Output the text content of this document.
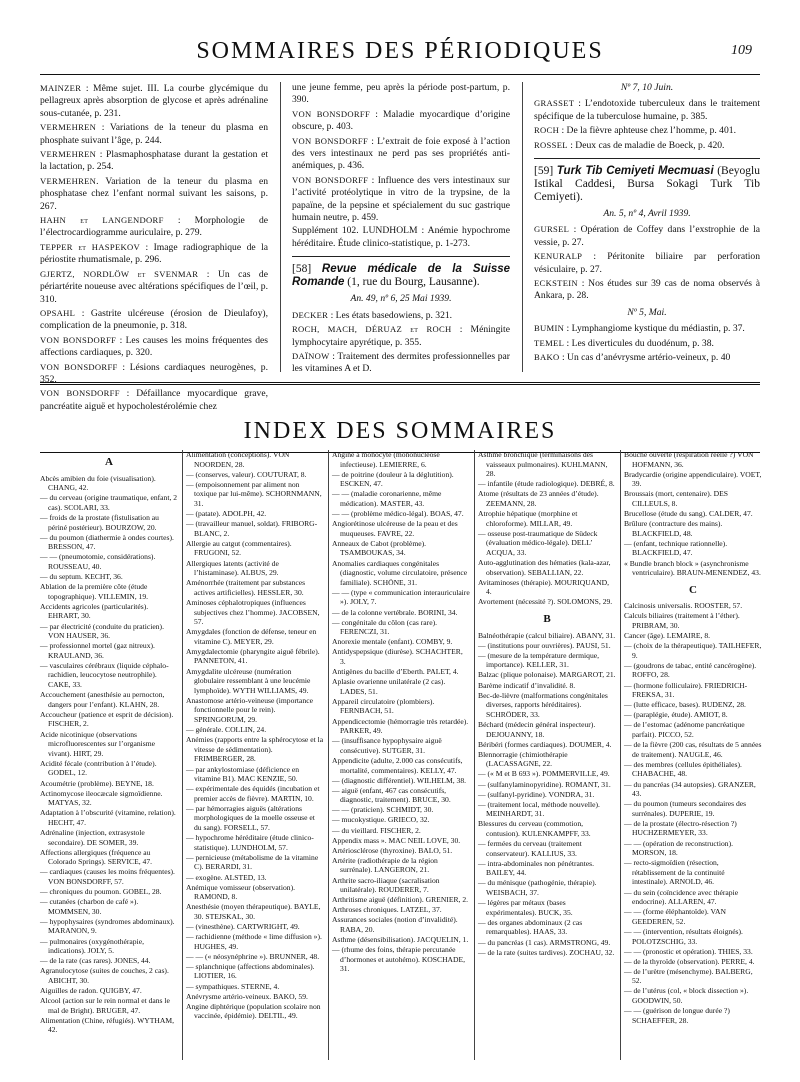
SOMMAIRES DES PÉRIODIQUES	109
MAINZER : Même sujet. III. La courbe glycémique du pellagreux après absorption de glycose et après adrénaline sous-cutanée, p. 231.
VERMEHREN : Variations de la teneur du plasma en phosphate suivant l’âge, p. 244.
VERMEHREN : Plasmaphosphatase durant la gestation et la lactation, p. 254.
VERMEHREN. Variation de la teneur du plasma en phosphatase chez l’enfant normal suivant les saisons, p. 267.
HAHN et LANGENDORF : Morphologie de l’électrocardiogramme auriculaire, p. 279.
TEPPER et HASPEKOV : Image radiographique de la périostite rhumatismale, p. 296.
GJERTZ, NORDLÖW et SVENMAR : Un cas de périartérite noueuse avec altérations spécifiques de l’œil, p. 310.
OPSAHL : Gastrite ulcéreuse (érosion de Dieulafoy), complication de la pneumonie, p. 318.
VON BONSDORFF : Les causes les moins fréquentes des affections cardiaques, p. 320.
VON BONSDORFF : Lésions cardiaques neurogènes, p. 352.
VON BONSDORFF : Défaillance myocardique grave, pancréatite aiguë et hypocholestérolémie chez
une jeune femme, peu après la période post-partum, p. 390.
VON BONSDORFF : Maladie myocardique d’origine obscure, p. 403.
VON BONSDORFF : L’extrait de foie exposé à l’action des vers intestinaux ne perd pas ses propriétés anti-anémiques, p. 436.
VON BONSDORFF : Influence des vers intestinaux sur l’activité protéolytique in vitro de la trypsine, de la papaïne, de la pepsine et spécialement du suc gastrique humain neutre, p. 459.
Supplément 102. LUNDHOLM : Anémie hypochrome héréditaire. Étude clinico-statistique, p. 1-273.
[58] Revue médicale de la Suisse Romande (1, rue du Bourg, Lausanne).
An. 49, nº 6, 25 Mai 1939.
DECKER : Les états basedowiens, p. 321.
ROCH, MACH, DÉRUAZ et ROCH : Méningite lymphocytaire apyrétique, p. 355.
DAÏNOW : Traitement des dermites professionnelles par les vitamines A et D.
Nº 7, 10 Juin.
GRASSET : L’endotoxide tuberculeux dans le traitement spécifique de la tuberculose humaine, p. 385.
ROCH : De la fièvre aphteuse chez l’homme, p. 401.
ROSSEL : Deux cas de maladie de Boeck, p. 420.
[59] Turk Tib Cemiyeti Mecmuasi (Beyoglu Istikal Caddesi, Bursa Sokagi Turk Tib Cemiyeti).
An. 5, nº 4, Avril 1939.
GURSEL : Opération de Coffey dans l’exstrophie de la vessie, p. 27.
KENURALP : Péritonite biliaire par perforation vésiculaire, p. 27.
ECKSTEIN : Nos études sur 39 cas de noma observés à Ankara, p. 28.
Nº 5, Mai.
BUMIN : Lymphangiome kystique du médiastin, p. 37.
TEMEL : Les diverticules du duodénum, p. 38.
BAKO : Un cas d’anévrysme artério-veineux, p. 40
INDEX DES SOMMAIRES
A
Abcès amibien du foie (visualisation). CHANG, 42.
— du cerveau (origine traumatique, enfant, 2 cas). SCOLARI, 33.
— froids de la prostate (fistulisation au périné postérieur). BOURZOW, 20.
— du poumon (diathermie à ondes courtes). BRESSON, 47.
— — (pneumotomie, considérations). ROUSSEAU, 40.
— du septum. KECHT, 36.
Ablation de la première côte (étude topographique). VILLEMIN, 19.
Accidents agricoles (particularités). EHRART, 30.
— par électricité (conduite du praticien). VON HAUSER, 36.
— professionnel mortel (gaz nitreux). KRAULAND, 36.
— vasculaires cérébraux (liquide céphalo-rachidien, leucocytose neutrophile). CAKE, 33.
Accouchement (anesthésie au pernocton, dangers pour l’enfant). KLAHN, 28.
Accoucheur (patience et esprit de décision). FISCHER, 2.
Acide nicotinique (observations microfluorescentes sur l’organisme vivant). HIRT, 29.
Acidité fécale (contribution à l’étude). GODEL, 12.
Acoumétrie (problème). BEYNE, 18.
Actinomycose ileocæcale sigmoïdienne. MATYAS, 32.
Adaptation à l’obscurité (vitamine, relation). HECHT, 47.
Adrénaline (injection, extrasystole secondaire). DE SOMER, 39.
Affections allergiques (fréquence au Colorado Springs). SERVICE, 47.
— cardiaques (causes les moins fréquentes). VON BONSDORFF, 57.
— chroniques du poumon. GOBEL, 28.
— cutanées (charbon de café »). MOMMSEN, 30.
— hypophysaires (syndromes abdominaux). MARANON, 9.
— pulmonaires (oxygénothérapie, indications). JOLY, 5.
— de la rate (cas rares). JONES, 44.
Agranulocytose (suites de couches, 2 cas). ABICHT, 30.
Aiguilles de radon. QUIGBY, 47.
Alcool (action sur le rein normal et dans le mal de Bright). BRUGER, 47.
Alimentation (Chine, réfugiés). WYTHAM, 42.
Alimentation (conceptions). VON NOORDEN, 28.
— (conserves, valeur). COUTURAT, 8.
— (empoisonnement par aliment non toxique par lui-même). SCHORNMANN, 31.
— (patate). ADOLPH, 42.
— (travailleur manuel, soldat). FRIBORG-BLANC, 2.
Allergie au catgut (commentaires). FRUGONI, 52.
Allergiques latents (activité de l’histaminase). ALBUS, 29.
Aménorrhée (traitement par substances actives artificielles). HESSLER, 30.
Aminoses céphalotropiques (influences subjectives chez l’homme). JACOBSEN, 57.
Amygdales (fonction de défense, teneur en vitamine C). MEYER, 29.
Amygdalectomie (pharyngite aiguë fébrile). PANNETON, 41.
Amygdalite ulcéreuse (numération globulaire ressemblant à une leucémie lymphoïde). WYTH WILLIAMS, 49.
Anastomose artério-veineuse (importance fonctionnelle pour le rein). SPRINGORUM, 29.
— générale. COLLIN, 24.
Anémies (rapports entre la sphérocytose et la vitesse de sédimentation). FRIMBERGER, 28.
— par ankylostomiase (déficience en vitamine B1). MAC KENZIE, 50.
— expérimentale des équidés (incubation et premier accès de fièvre). MARTIN, 10.
— par hémorragies aiguës (altérations morphologiques de la moelle osseuse et du sang). FORSELL, 57.
— hypochrome héréditaire (étude clinico-statistique). LUNDHOLM, 57.
— pernicieuse (métabolisme de la vitamine C). BERARDI, 31.
— exogène. ALSTED, 13.
Anémique vomisseur (observation). RAMOND, 8.
Anesthésie (moyen thérapeutique). BAYLE, 30. STEJSKAL, 30.
— (vinesthène). CARTWRIGHT, 49.
— rachidienne (méthode « lime diffusion »). HUGHES, 49.
— — (« néosynéphrine »). BRUNNER, 48.
— splanchnique (affections abdominales). LIOTIER, 16.
— sympathiques. STERNE, 4.
Anévrysme artério-veineux. BAKO, 59.
Angine diphtérique (population scolaire non vaccinée, épidémie). DELTIL, 49.
Angine à monocyte (mononucléose infectieuse). LEMIERRE, 6.
— de poitrine (douleur à la déglutition). ESCKEN, 47.
— — (maladie coronarienne, même médication). MASTER, 43.
— — (problème médico-légal). BOAS, 47.
Angiorétinose ulcéreuse de la peau et des muqueuses. FAVRE, 22.
Anneaux de Cabot (problème). TSAMBOUKAS, 34.
Anomalies cardiaques congénitales (diagnostic, volume circulatoire, présence familiale). SCHÖNE, 31.
— — (type « communication interauriculaire »). JOLY, 7.
— de la colonne vertébrale. BORINI, 34.
— congénitale du côlon (cas rare). FERENCZI, 31.
Anorexie mentale (enfant). COMBY, 9.
Antidyspepsique (diurèse). SCHACHTER, 3.
Antigènes du bacille d’Eberth. PALET, 4.
Aplasie ovarienne unilatérale (2 cas). LADES, 51.
Appareil circulatoire (plombiers). FERNBACH, 51.
Appendicectomie (hémorragie très retardée). PARKER, 49.
— (insuffisance hypophysaire aiguë consécutive). SUTGER, 31.
Appendicite (adulte, 2.000 cas consécutifs, mortalité, commentaires). KELLY, 47.
— (diagnostic différentiel). WILHELM, 38.
— aiguë (enfant, 467 cas consécutifs, diagnostic, traitement). BRUCE, 30.
— — (praticien). SCHMIDT, 30.
— mucokystique. GRIECO, 32.
— du vieillard. FISCHER, 2.
Appendix mass ». MAC NEIL LOVE, 30.
Artériosclérose (thyroxine). BALO, 51.
Artérite (radiothérapie de la région surrénale). LANGERON, 21.
Arthrite sacro-iliaque (sacralisation unilatérale). ROUDERER, 7.
Arthritisme aiguë (définition). GRENIER, 2.
Arthroses chroniques. LATZEL, 37.
Assurances sociales (notion d’invalidité). RABA, 20.
Asthme (désensibilisation). JACQUELIN, 1.
— (rhume des foins, thérapie percutanée d’hormones et autohémo). KOSCHADE, 31.
Asthme bronchique (terminaisons des vaisseaux pulmonaires). KUHLMANN, 28.
— infantile (étude radiologique). DEBRÉ, 8.
Atome (résultats de 23 années d’étude). ZEEMANN, 28.
Atrophie hépatique (morphine et chloroforme). MILLAR, 49.
— osseuse post-traumatique de Südeck (évaluation médico-légale). DELL’ ACQUA, 33.
Auto-agglutination des hématies (kala-azar, observation). SEBALLIAN, 22.
Avitaminoses (thérapie). MOURIQUAND, 4.
Avortement (nécessité ?). SOLOMONS, 29.
B
Balnéothérapie (calcul biliaire). ABANY, 31.
— (institutions pour ouvrières). PAUSI, 51.
— (mesure de la température dermique, importance). KELLER, 31.
Balzac (plique polonaise). MARGAROT, 21.
Barème indicatif d’invalidité. 8.
Bec-de-lièvre (malformations congénitales diverses, rapports héréditaires). SCHRÖDER, 33.
Béchard (médecin général inspecteur). DEJOUANNY, 18.
Béribéri (formes cardiaques). DOUMER, 4.
Blennorragie (chimiothérapie (LACASSAGNE, 22.
— (« M et B 693 »). POMMERVILLE, 49.
— (sulfanylaminopyridine). ROMANT, 31.
— (sulfanyl-pyridine). VONDRA, 31.
— (traitement local, méthode nouvelle). MEINHARDT, 31.
Blessures du cerveau (commotion, contusion). KULENKAMPFF, 33.
— fermées du cerveau (traitement conservateur). KALLIUS, 33.
— intra-abdominales non pénétrantes. BAILEY, 44.
— du ménisque (pathogénie, thérapie). WEISBACH, 37.
— légères par métaux (bases expérimentales). BUCK, 35.
— des organes abdominaux (2 cas remarquables). HAAS, 33.
— du pancréas (1 cas). ARMSTRONG, 49.
— de la rate (suites tardives). ZOCHAU, 32.
Bouche ouverte (respiration réelle ?) VON HOFMANN, 36.
Bradycardie (origine appendiculaire). VOET, 39.
Broussais (mort, centenaire). DES CILLEULS, 8.
Brucellose (étude du sang). CALDER, 47.
Brûlure (contracture des mains). BLACKFIELD, 48.
— (enfant, technique rationnelle). BLACKFIELD, 47.
« Bundle branch block » (asynchronisme ventriculaire). BRAUN-MENENDEZ, 43.
C
Calcinosis universalis. ROOSTER, 57.
Calculs biliaires (traitement à l’éther). PRIBRAM, 30.
Cancer (âge). LEMAIRE, 8.
— (choix de la thérapeutique). TAILHEFER, 9.
— (goudrons de tabac, entité cancérogène). ROFFO, 28.
— (hormone folliculaire). FRIEDRICH-FREKSA, 31.
— (lutte efficace, bases). RUDENZ, 28.
— (paraplégie, étude). AMIOT, 8.
— de l’estomac (adénome pancréatique parfait). PICCO, 52.
— de la fièvre (200 cas, résultats de 5 années de traitement). NAUGLE, 46.
— des membres (cellules épithéliales). CHABACHE, 48.
— du pancréas (34 autopsies). GRANZER, 43.
— du poumon (tumeurs secondaires des surrénales). DUPERIE, 19.
— de la prostate (électro-résection ?) HUCHZERMEYER, 33.
— — (opération de reconstruction). MORSON, 18.
— recto-sigmoïdien (résection, rétablissement de la continuité intestinale). ARNOLD, 46.
— du sein (coïncidence avec thérapie endocrine). ALLAREN, 47.
— — (forme éléphantoïde). VAN GEEDEREN, 52.
— — (intervention, résultats éloignés). POLOTZSCHIG, 33.
— — (pronostic et opération). THIES, 33.
— de la thyroïde (observation). PERRE, 4.
— de l’urètre (mésenchyme). BALBERG, 52.
— de l’utérus (col, « block dissection »). GOODWIN, 50.
— — (guérison de longue durée ?) SCHAEFFER, 28.
